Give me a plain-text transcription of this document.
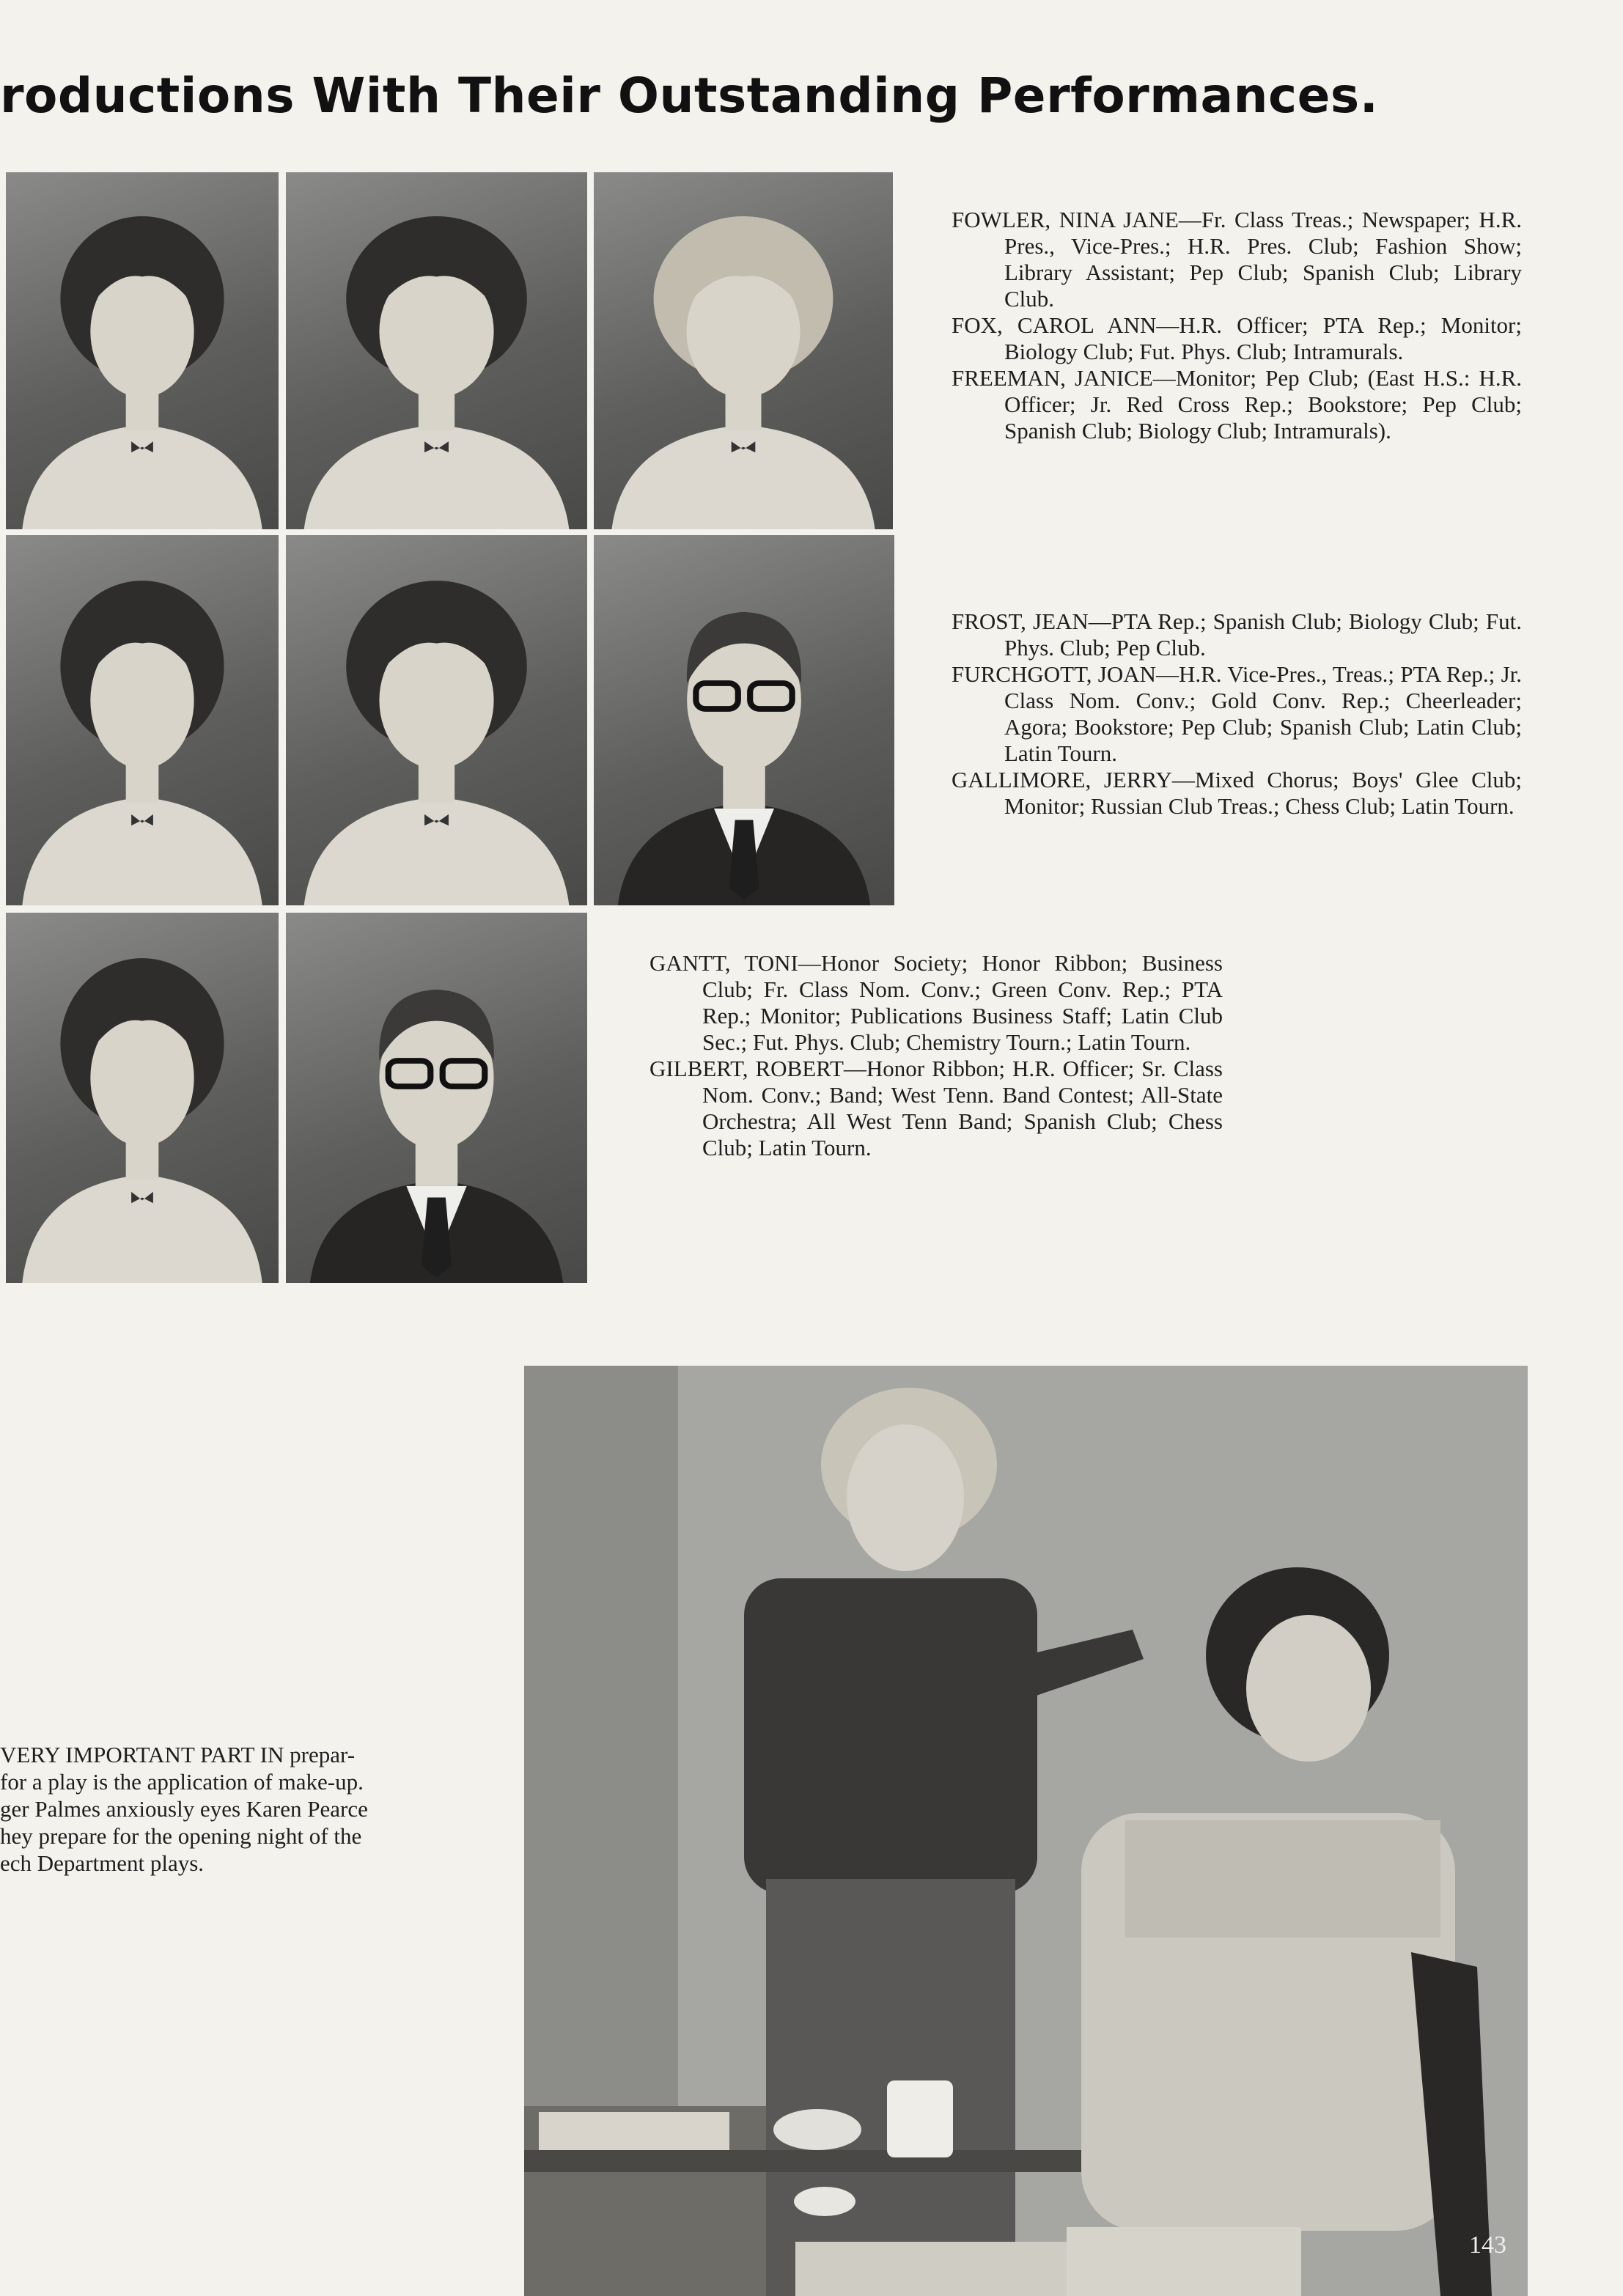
roductions With Their Outstanding Performances.

FOWLER, NINA JANE—Fr. Class Treas.; Newspaper; H.R. Pres., Vice-Pres.; H.R. Pres. Club; Fashion Show; Library Assistant; Pep Club; Spanish Club; Library Club.

FOX, CAROL ANN—H.R. Officer; PTA Rep.; Monitor; Biology Club; Fut. Phys. Club; Intramurals.

FREEMAN, JANICE—Monitor; Pep Club; (East H.S.: H.R. Officer; Jr. Red Cross Rep.; Bookstore; Pep Club; Spanish Club; Biology Club; Intramurals).

FROST, JEAN—PTA Rep.; Spanish Club; Biology Club; Fut. Phys. Club; Pep Club.

FURCHGOTT, JOAN—H.R. Vice-Pres., Treas.; PTA Rep.; Jr. Class Nom. Conv.; Gold Conv. Rep.; Cheerleader; Agora; Bookstore; Pep Club; Spanish Club; Latin Club; Latin Tourn.

GALLIMORE, JERRY—Mixed Chorus; Boys' Glee Club; Monitor; Russian Club Treas.; Chess Club; Latin Tourn.

GANTT, TONI—Honor Society; Honor Ribbon; Business Club; Fr. Class Nom. Conv.; Green Conv. Rep.; PTA Rep.; Monitor; Publications Business Staff; Latin Club Sec.; Fut. Phys. Club; Chemistry Tourn.; Latin Tourn.

GILBERT, ROBERT—Honor Ribbon; H.R. Officer; Sr. Class Nom. Conv.; Band; West Tenn. Band Contest; All-State Orchestra; All West Tenn Band; Spanish Club; Chess Club; Latin Tourn.

VERY IMPORTANT PART IN prepar-
for a play is the application of make-up.
ger Palmes anxiously eyes Karen Pearce
hey prepare for the opening night of the
ech Department plays.
143
